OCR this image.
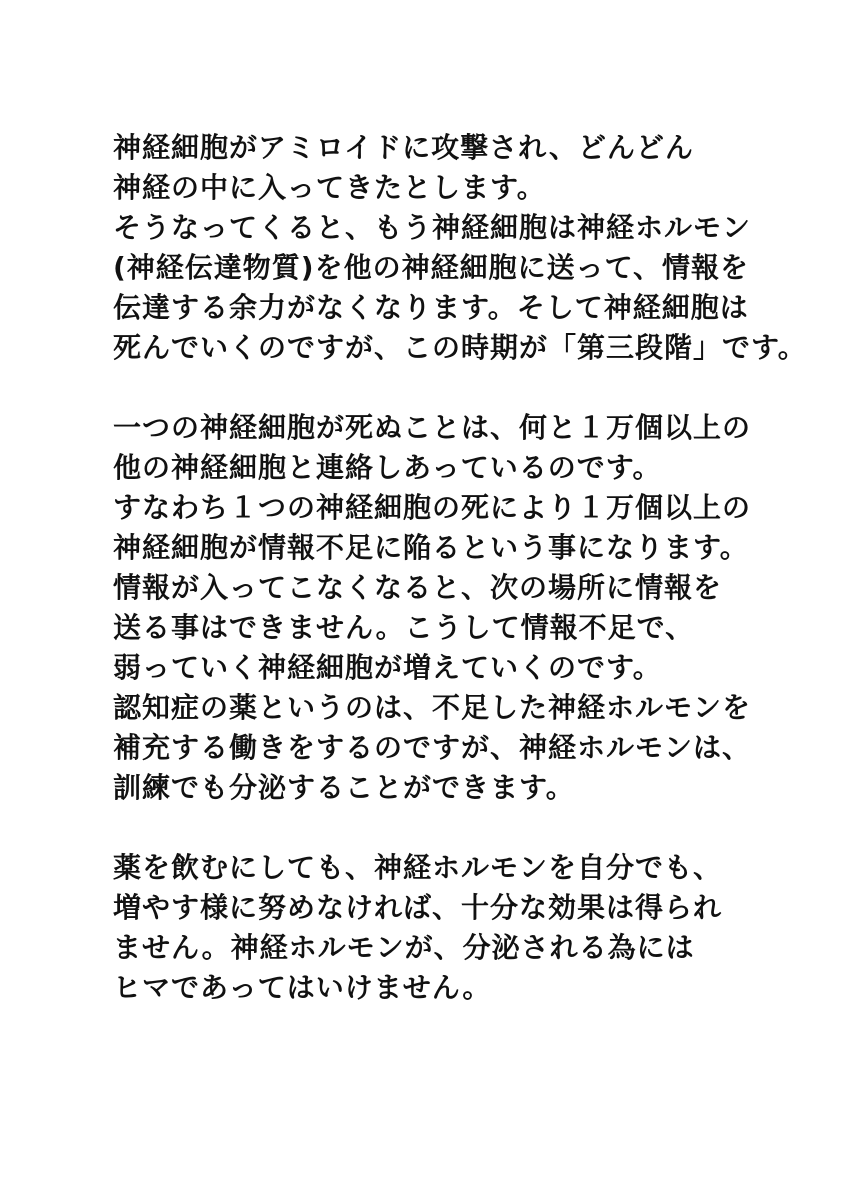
神経細胞がアミロイドに攻撃され、どんどん
神経の中に入ってきたとします。
そうなってくると、もう神経細胞は神経ホルモン
(神経伝達物質)を他の神経細胞に送って、情報を
伝達する余力がなくなります。そして神経細胞は
死んでいくのですが、この時期が「第三段階」です。
一つの神経細胞が死ぬことは、何と１万個以上の
他の神経細胞と連絡しあっているのです。
すなわち１つの神経細胞の死により１万個以上の
神経細胞が情報不足に陥るという事になります。
情報が入ってこなくなると、次の場所に情報を
送る事はできません。こうして情報不足で、
弱っていく神経細胞が増えていくのです。
認知症の薬というのは、不足した神経ホルモンを
補充する働きをするのですが、神経ホルモンは、
訓練でも分泌することができます。
薬を飲むにしても、神経ホルモンを自分でも、
増やす様に努めなければ、十分な効果は得られ
ません。神経ホルモンが、分泌される為には
ヒマであってはいけません。
